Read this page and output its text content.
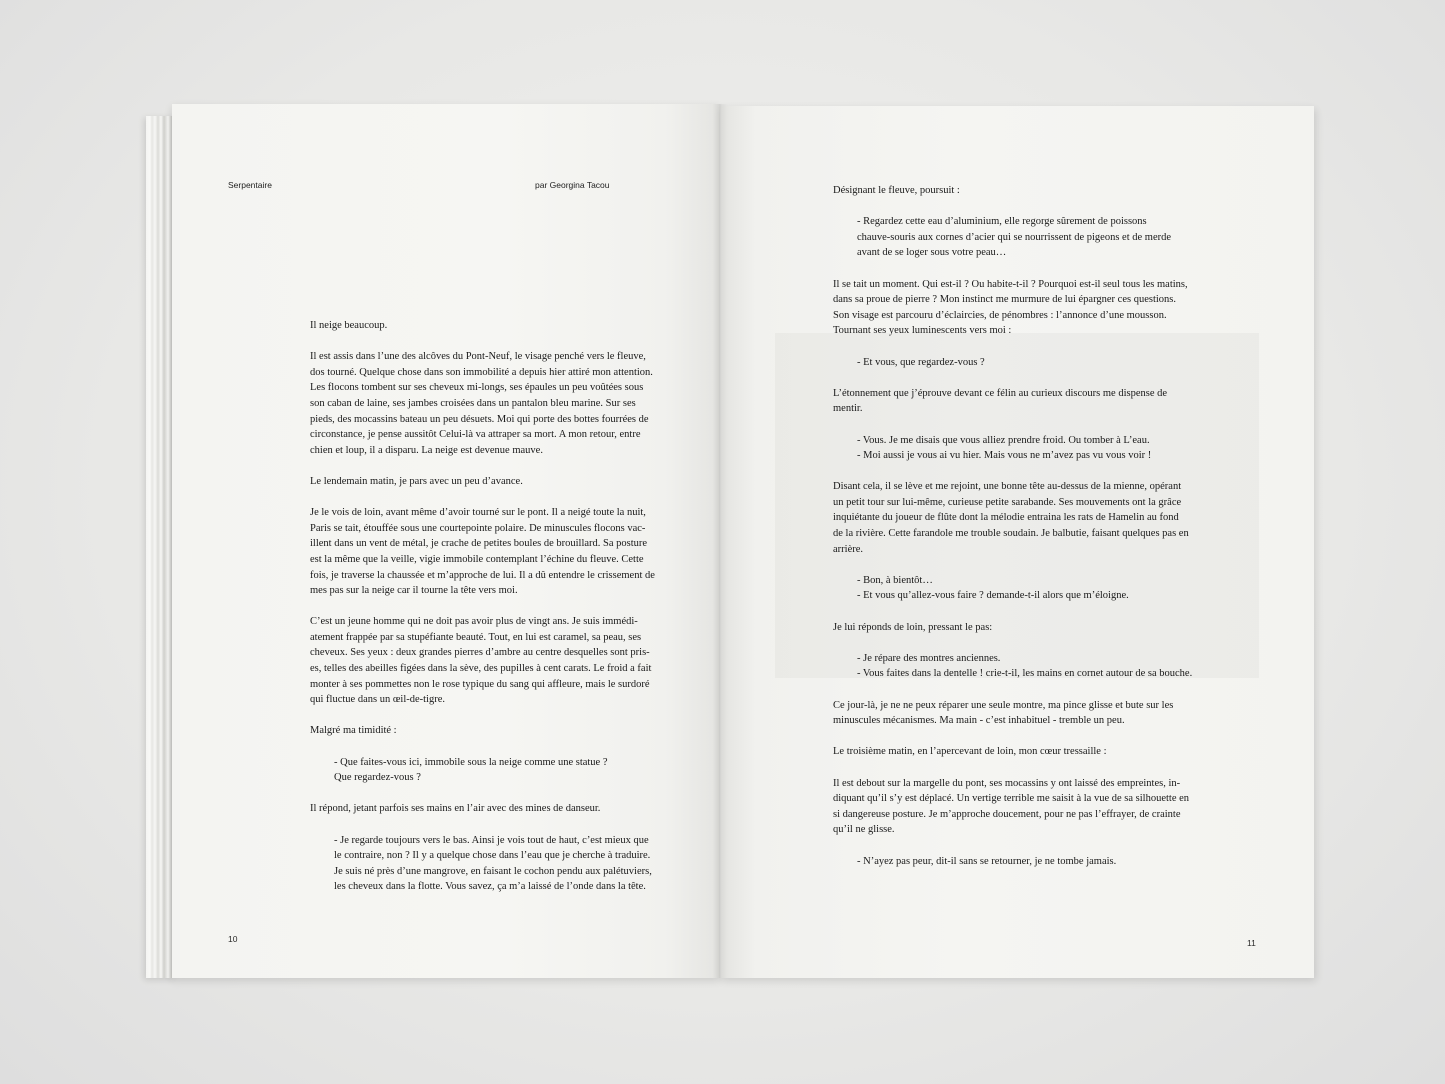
Serpentaire	par Georgina Tacou

Il neige beaucoup.

Il est assis dans l’une des alcôves du Pont-Neuf, le visage penché vers le fleuve,
dos tourné. Quelque chose dans son immobilité a depuis hier attiré mon attention.
Les flocons tombent sur ses cheveux mi-longs, ses épaules un peu voûtées sous
son caban de laine, ses jambes croisées dans un pantalon bleu marine. Sur ses
pieds, des mocassins bateau un peu désuets. Moi qui porte des bottes fourrées de
circonstance, je pense aussitôt Celui-là va attraper sa mort. A mon retour, entre
chien et loup, il a disparu. La neige est devenue mauve.

Le lendemain matin, je pars avec un peu d’avance.

Je le vois de loin, avant même d’avoir tourné sur le pont. Il a neigé toute la nuit,
Paris se tait, étouffée sous une courtepointe polaire. De minuscules flocons vac-
illent dans un vent de métal, je crache de petites boules de brouillard. Sa posture
est la même que la veille, vigie immobile contemplant l’échine du fleuve. Cette
fois, je traverse la chaussée et m’approche de lui. Il a dû entendre le crissement de
mes pas sur la neige car il tourne la tête vers moi.

C’est un jeune homme qui ne doit pas avoir plus de vingt ans. Je suis immédi-
atement frappée par sa stupéfiante beauté. Tout, en lui est caramel, sa peau, ses
cheveux. Ses yeux : deux grandes pierres d’ambre au centre desquelles sont pris-
es, telles des abeilles figées dans la sève, des pupilles à cent carats. Le froid a fait
monter à ses pommettes non le rose typique du sang qui affleure, mais le surdoré
qui fluctue dans un œil-de-tigre.

Malgré ma timidité :

- Que faites-vous ici, immobile sous la neige comme une statue ?
Que regardez-vous ?

Il répond, jetant parfois ses mains en l’air avec des mines de danseur.

- Je regarde toujours vers le bas. Ainsi je vois tout de haut, c’est mieux que
le contraire, non ? Il y a quelque chose dans l’eau que je cherche à traduire.
Je suis né près d’une mangrove, en faisant le cochon pendu aux palétuviers,
les cheveux dans la flotte. Vous savez, ça m’a laissé de l’onde dans la tête.

10

Désignant le fleuve, poursuit :

- Regardez cette eau d’aluminium, elle regorge sûrement de poissons
chauve-souris aux cornes d’acier qui se nourrissent de pigeons et de merde
avant de se loger sous votre peau…

Il se tait un moment. Qui est-il ? Ou habite-t-il ? Pourquoi est-il seul tous les matins,
dans sa proue de pierre ? Mon instinct me murmure de lui épargner ces questions.
Son visage est parcouru d’éclaircies, de pénombres : l’annonce d’une mousson.
Tournant ses yeux luminescents vers moi :

- Et vous, que regardez-vous ?

L’étonnement que j’éprouve devant ce félin au curieux discours me dispense de
mentir.

- Vous. Je me disais que vous alliez prendre froid. Ou tomber à L’eau.

- Moi aussi je vous ai vu hier. Mais vous ne m’avez pas vu vous voir !

Disant cela, il se lève et me rejoint, une bonne tête au-dessus de la mienne, opérant
un petit tour sur lui-même, curieuse petite sarabande. Ses mouvements ont la grâce
inquiétante du joueur de flûte dont la mélodie entraina les rats de Hamelin au fond
de la rivière. Cette farandole me trouble soudain. Je balbutie, faisant quelques pas en
arrière.

- Bon, à bientôt…

- Et vous qu’allez-vous faire ? demande-t-il alors que m’éloigne.

Je lui réponds de loin, pressant le pas:

- Je répare des montres anciennes.

- Vous faites dans la dentelle ! crie-t-il, les mains en cornet autour de sa bouche.

Ce jour-là, je ne ne peux réparer une seule montre, ma pince glisse et bute sur les
minuscules mécanismes. Ma main - c’est inhabituel - tremble un peu.

Le troisième matin, en l’apercevant de loin, mon cœur tressaille :

Il est debout sur la margelle du pont, ses mocassins y ont laissé des empreintes, in-
diquant qu’il s’y est déplacé. Un vertige terrible me saisit à la vue de sa silhouette en
si dangereuse posture. Je m’approche doucement, pour ne pas l’effrayer, de crainte
qu’il ne glisse.

- N’ayez pas peur, dit-il sans se retourner, je ne tombe jamais.

11
